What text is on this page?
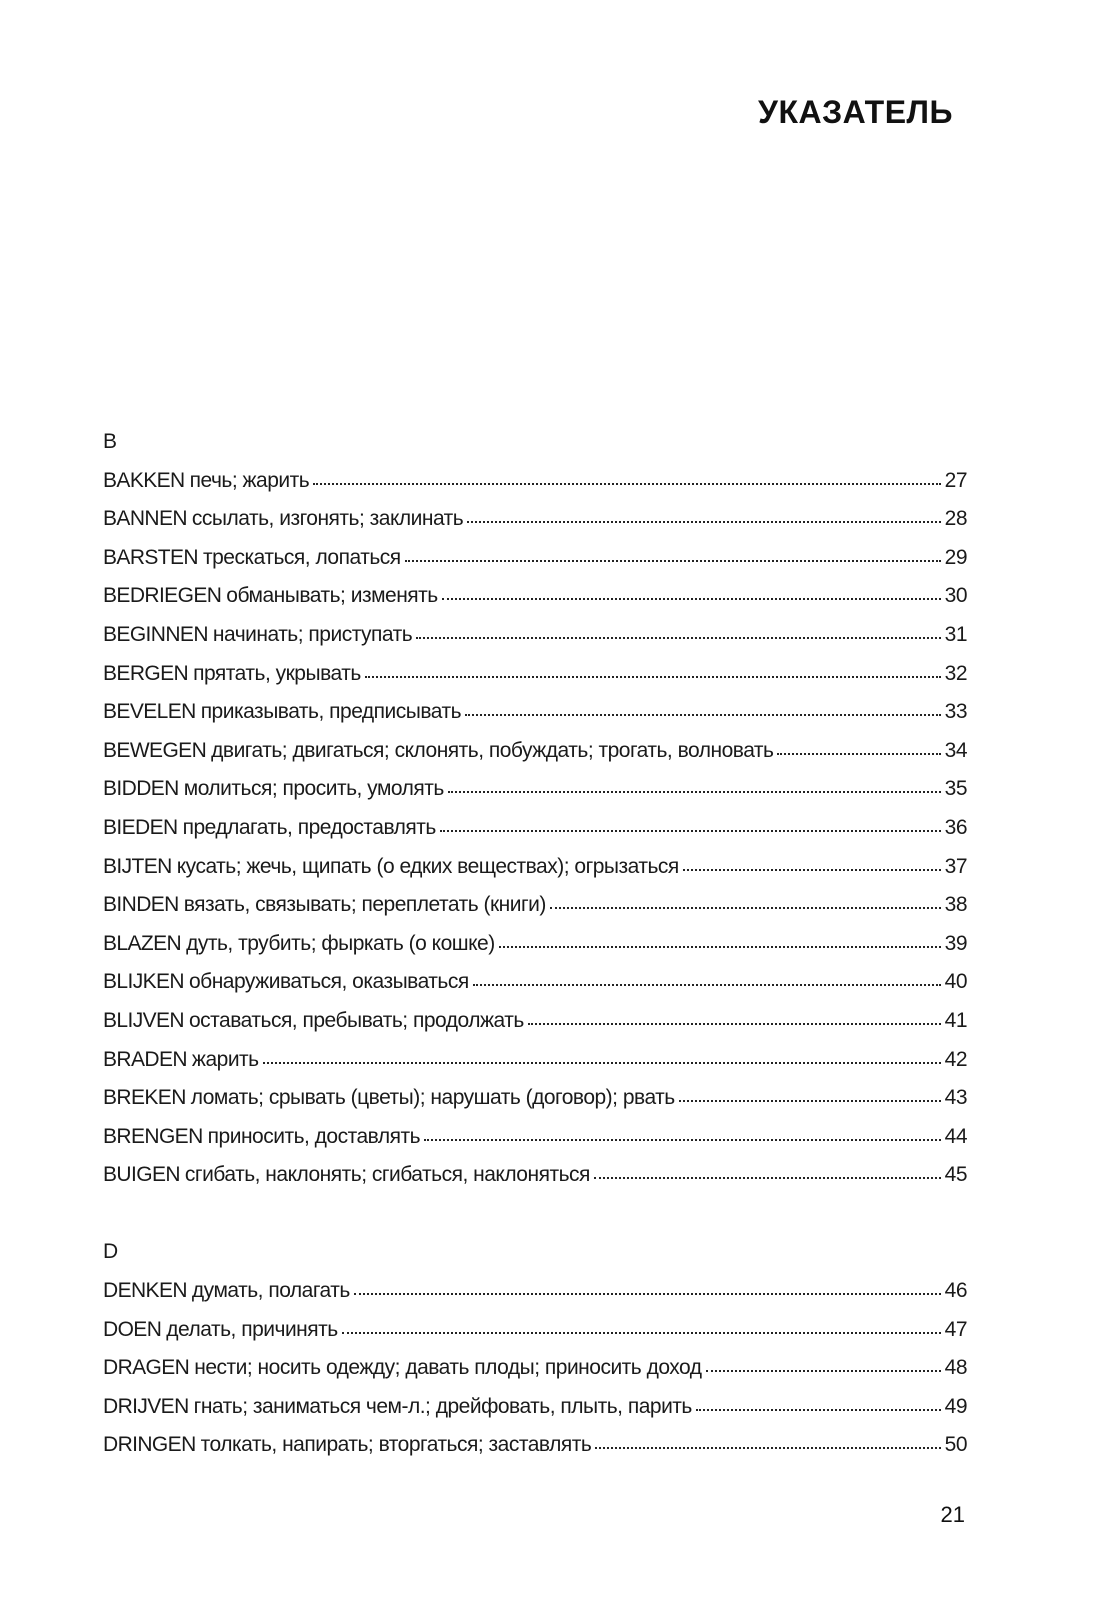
УКАЗАТЕЛЬ
B
BAKKEN печь; жарить	27
BANNEN ссылать, изгонять; заклинать	28
BARSTEN трескаться, лопаться	29
BEDRIEGEN обманывать; изменять	30
BEGINNEN начинать; приступать	31
BERGEN прятать, укрывать	32
BEVELEN приказывать, предписывать	33
BEWEGEN двигать; двигаться; склонять, побуждать; трогать, волновать	34
BIDDEN молиться; просить, умолять	35
BIEDEN предлагать, предоставлять	36
BIJTEN кусать; жечь, щипать (о едких веществах); огрызаться	37
BINDEN вязать, связывать; переплетать (книги)	38
BLAZEN дуть, трубить; фыркать (о кошке)	39
BLIJKEN обнаруживаться, оказываться	40
BLIJVEN оставаться, пребывать; продолжать	41
BRADEN жарить	42
BREKEN ломать; срывать (цветы); нарушать (договор); рвать	43
BRENGEN приносить, доставлять	44
BUIGEN сгибать, наклонять; сгибаться, наклоняться	45
D
DENKEN думать, полагать	46
DOEN делать, причинять	47
DRAGEN нести; носить одежду; давать плоды; приносить доход	48
DRIJVEN гнать; заниматься чем-л.; дрейфовать, плыть, парить	49
DRINGEN толкать, напирать; вторгаться; заставлять	50
21
